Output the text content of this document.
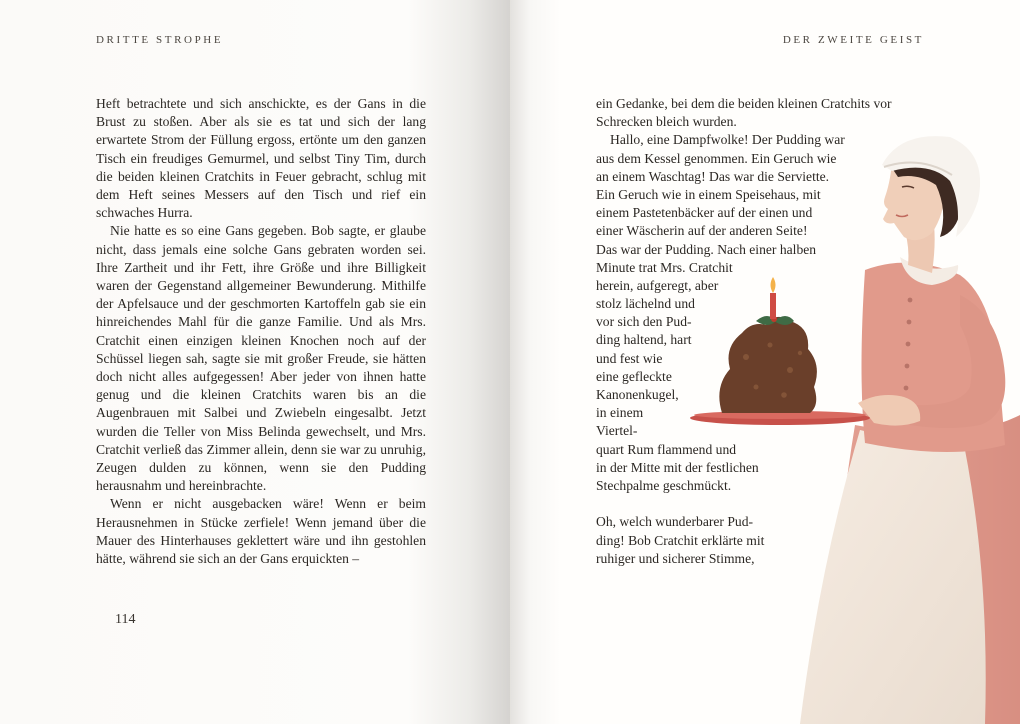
DRITTE STROPHE

Heft betrachtete und sich anschickte, es der Gans in die Brust zu stoßen. Aber als sie es tat und sich der lang erwartete Strom der Füllung ergoss, ertönte um den ganzen Tisch ein freudiges Gemurmel, und selbst Tiny Tim, durch die beiden kleinen Cratchits in Feuer gebracht, schlug mit dem Heft seines Messers auf den Tisch und rief ein schwaches Hurra.

Nie hatte es so eine Gans gegeben. Bob sagte, er glaube nicht, dass jemals eine solche Gans gebraten worden sei. Ihre Zartheit und ihr Fett, ihre Größe und ihre Billigkeit waren der Gegenstand allgemeiner Bewunderung. Mithilfe der Apfelsauce und der geschmorten Kartoffeln gab sie ein hinreichendes Mahl für die ganze Familie. Und als Mrs. Cratchit einen einzigen kleinen Knochen noch auf der Schüssel liegen sah, sagte sie mit großer Freude, sie hätten doch nicht alles aufgegessen! Aber jeder von ihnen hatte genug und die kleinen Cratchits waren bis an die Augenbrauen mit Salbei und Zwiebeln eingesalbt. Jetzt wurden die Teller von Miss Belinda gewechselt, und Mrs. Cratchit verließ das Zimmer allein, denn sie war zu unruhig, Zeugen dulden zu können, wenn sie den Pudding herausnahm und hereinbrachte.

Wenn er nicht ausgebacken wäre! Wenn er beim Herausnehmen in Stücke zerfiele! Wenn jemand über die Mauer des Hinterhauses geklettert wäre und ihn gestohlen hätte, während sie sich an der Gans erquickten –

114
DER ZWEITE GEIST
ein Gedanke, bei dem die beiden kleinen Cratchits vor
Schrecken bleich wurden.
Hallo, eine Dampfwolke! Der Pudding war
aus dem Kessel genommen. Ein Geruch wie
an einem Waschtag! Das war die Serviette.
Ein Geruch wie in einem Speisehaus, mit
einem Pastetenbäcker auf der einen und
einer Wäscherin auf der anderen Seite!
Das war der Pudding. Nach einer halben
Minute trat Mrs. Cratchit
herein, aufgeregt, aber
stolz lächelnd und
vor sich den Pud-
ding haltend, hart
und fest wie
eine gefleckte
Kanonenkugel,
in einem
Viertel-
quart Rum flammend und
in der Mitte mit der festlichen
Stechpalme geschmückt.
Oh, welch wunderbarer Pud-
ding! Bob Cratchit erklärte mit
ruhiger und sicherer Stimme,
